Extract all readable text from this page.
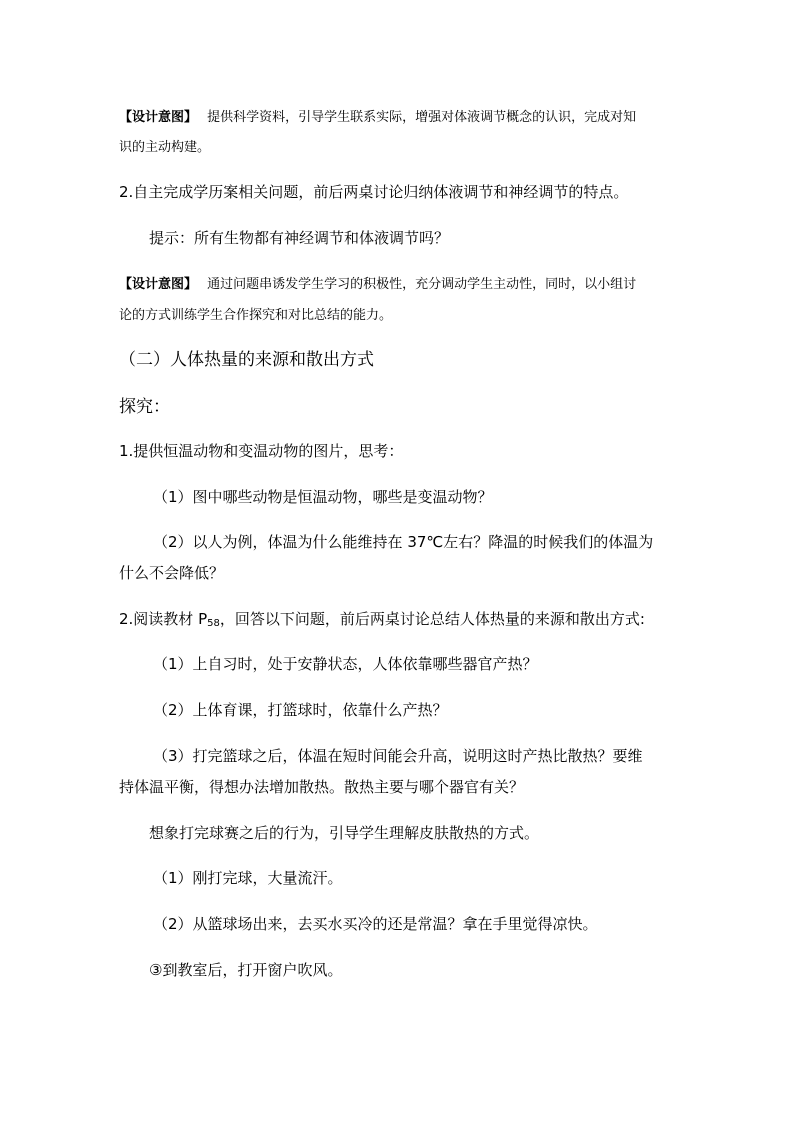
【设计意图】 提供科学资料，引导学生联系实际，增强对体液调节概念的认识，完成对知
识的主动构建。
2.自主完成学历案相关问题，前后两桌讨论归纳体液调节和神经调节的特点。
提示：所有生物都有神经调节和体液调节吗？
【设计意图】 通过问题串诱发学生学习的积极性，充分调动学生主动性，同时，以小组讨
论的方式训练学生合作探究和对比总结的能力。
（二）人体热量的来源和散出方式
探究：
1.提供恒温动物和变温动物的图片，思考：
（1）图中哪些动物是恒温动物，哪些是变温动物？
（2）以人为例，体温为什么能维持在 37℃左右？降温的时候我们的体温为
什么不会降低？
2.阅读教材 $P_{58}$，回答以下问题，前后两桌讨论总结人体热量的来源和散出方式:
（1）上自习时，处于安静状态，人体依靠哪些器官产热？
（2）上体育课，打篮球时，依靠什么产热？
（3）打完篮球之后，体温在短时间能会升高，说明这时产热比散热？要维
持体温平衡，得想办法增加散热。散热主要与哪个器官有关？
想象打完球赛之后的行为，引导学生理解皮肤散热的方式。
（1）刚打完球，大量流汗。
（2）从篮球场出来，去买水买冷的还是常温？拿在手里觉得凉快。
③到教室后，打开窗户吹风。
